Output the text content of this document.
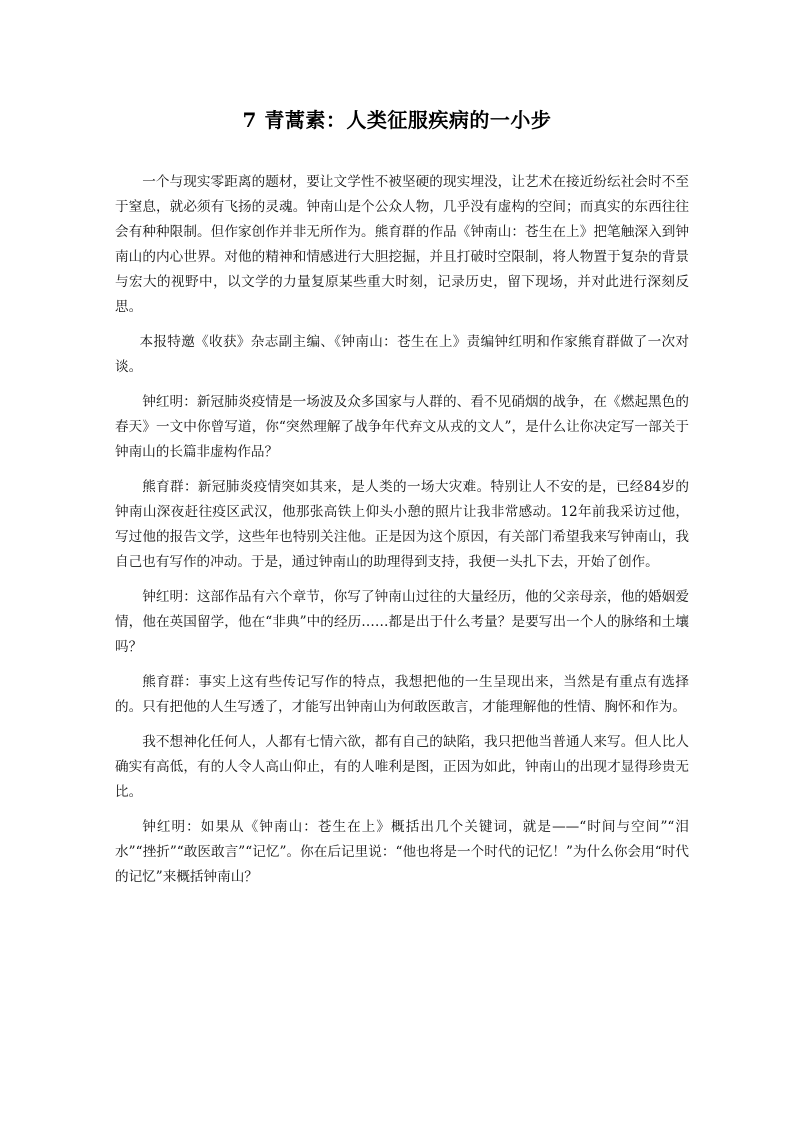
7 青蒿素：人类征服疾病的一小步

一个与现实零距离的题材，要让文学性不被坚硬的现实埋没，让艺术在接近纷纭社会时不至于窒息，就必须有飞扬的灵魂。钟南山是个公众人物，几乎没有虚构的空间；而真实的东西往往会有种种限制。但作家创作并非无所作为。熊育群的作品《钟南山：苍生在上》把笔触深入到钟南山的内心世界。对他的精神和情感进行大胆挖掘，并且打破时空限制，将人物置于复杂的背景与宏大的视野中，以文学的力量复原某些重大时刻，记录历史，留下现场，并对此进行深刻反思。

本报特邀《收获》杂志副主编、《钟南山：苍生在上》责编钟红明和作家熊育群做了一次对谈。

钟红明：新冠肺炎疫情是一场波及众多国家与人群的、看不见硝烟的战争，在《燃起黑色的春天》一文中你曾写道，你“突然理解了战争年代弃文从戎的文人”，是什么让你决定写一部关于钟南山的长篇非虚构作品？

熊育群：新冠肺炎疫情突如其来，是人类的一场大灾难。特别让人不安的是，已经84岁的钟南山深夜赶往疫区武汉，他那张高铁上仰头小憩的照片让我非常感动。12年前我采访过他，写过他的报告文学，这些年也特别关注他。正是因为这个原因，有关部门希望我来写钟南山，我自己也有写作的冲动。于是，通过钟南山的助理得到支持，我便一头扎下去，开始了创作。

钟红明：这部作品有六个章节，你写了钟南山过往的大量经历，他的父亲母亲，他的婚姻爱情，他在英国留学，他在“非典”中的经历……都是出于什么考量？是要写出一个人的脉络和土壤吗？

熊育群：事实上这有些传记写作的特点，我想把他的一生呈现出来，当然是有重点有选择的。只有把他的人生写透了，才能写出钟南山为何敢医敢言，才能理解他的性情、胸怀和作为。

我不想神化任何人，人都有七情六欲，都有自己的缺陷，我只把他当普通人来写。但人比人确实有高低，有的人令人高山仰止，有的人唯利是图，正因为如此，钟南山的出现才显得珍贵无比。

钟红明：如果从《钟南山：苍生在上》概括出几个关键词，就是——“时间与空间”“泪水”“挫折”“敢医敢言”“记忆”。你在后记里说：“他也将是一个时代的记忆！”为什么你会用“时代的记忆”来概括钟南山？
